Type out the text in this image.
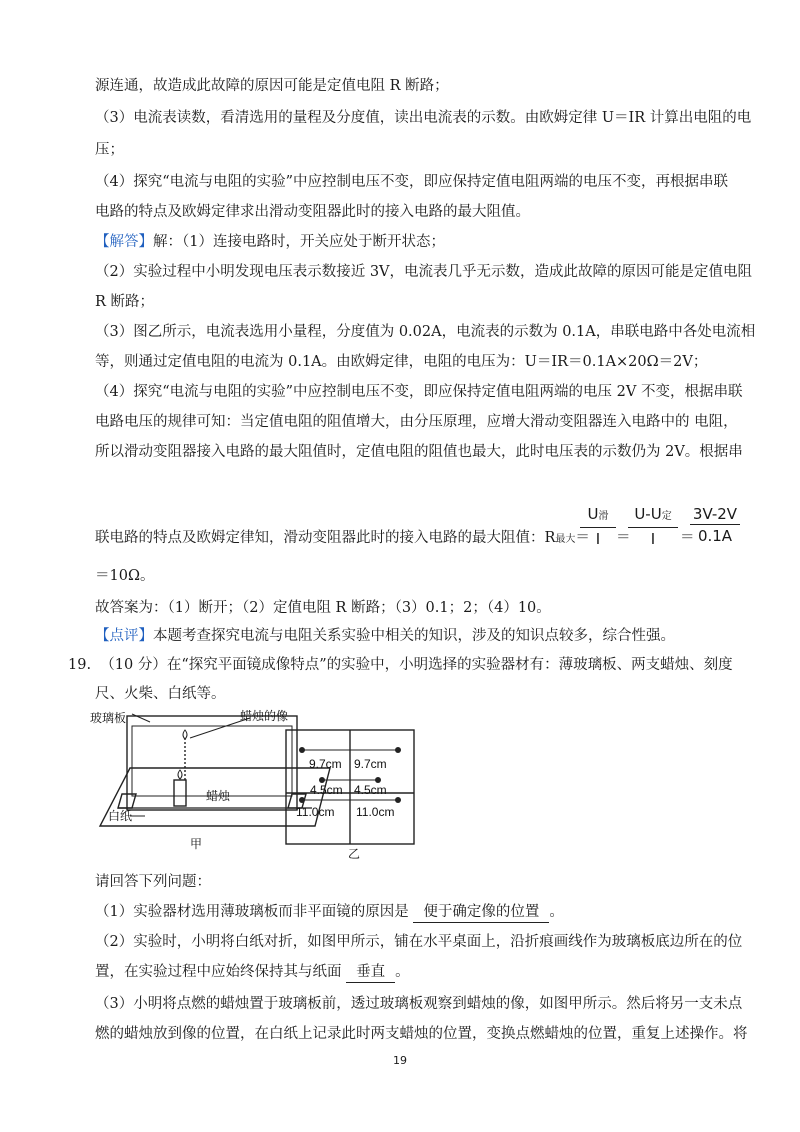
源连通，故造成此故障的原因可能是定值电阻 R 断路；
（3）电流表读数，看清选用的量程及分度值，读出电流表的示数。由欧姆定律 U＝IR 计算出电阻的电
压；
（4）探究“电流与电阻的实验”中应控制电压不变，即应保持定值电阻两端的电压不变，再根据串联
电路的特点及欧姆定律求出滑动变阻器此时的接入电路的最大阻值。
【解答】解：（1）连接电路时，开关应处于断开状态；
（2）实验过程中小明发现电压表示数接近 3V，电流表几乎无示数，造成此故障的原因可能是定值电阻
R 断路；
（3）图乙所示，电流表选用小量程，分度值为 0.02A，电流表的示数为 0.1A，串联电路中各处电流相
等，则通过定值电阻的电流为 0.1A。由欧姆定律，电阻的电压为：U＝IR＝0.1A×20Ω＝2V；
（4）探究“电流与电阻的实验”中应控制电压不变，即应保持定值电阻两端的电压 2V 不变，根据串联
电路电压的规律可知：当定值电阻的阻值增大，由分压原理，应增大滑动变阻器连入电路中的 电阻，
所以滑动变阻器接入电路的最大阻值时，定值电阻的阻值也最大，此时电压表的示数仍为 2V。根据串
联电路的特点及欧姆定律知，滑动变阻器此时的接入电路的最大阻值：R最大＝
U滑
I	＝
U-U定
I	＝
$\frac{3V-2V}{0.1A}$
＝10Ω。
故答案为：（1）断开；（2）定值电阻 R 断路；（3）0.1；2；（4）10。
【点评】本题考查探究电流与电阻关系实验中相关的知识，涉及的知识点较多，综合性强。
19. （10 分）在“探究平面镜成像特点”的实验中，小明选择的实验器材有：薄玻璃板、两支蜡烛、刻度
尺、火柴、白纸等。
玻璃板	蜡烛的像
蜡烛
白纸
甲
9.7cm 9.7cm
4.5cm 4.5cm
11.0cm 11.0cm
乙
请回答下列问题：
（1）实验器材选用薄玻璃板而非平面镜的原因是 便于确定像的位置 。
（2）实验时，小明将白纸对折，如图甲所示，铺在水平桌面上，沿折痕画线作为玻璃板底边所在的位
置，在实验过程中应始终保持其与纸面 垂直 。
（3）小明将点燃的蜡烛置于玻璃板前，透过玻璃板观察到蜡烛的像，如图甲所示。然后将另一支未点
燃的蜡烛放到像的位置，在白纸上记录此时两支蜡烛的位置，变换点燃蜡烛的位置，重复上述操作。将
19
